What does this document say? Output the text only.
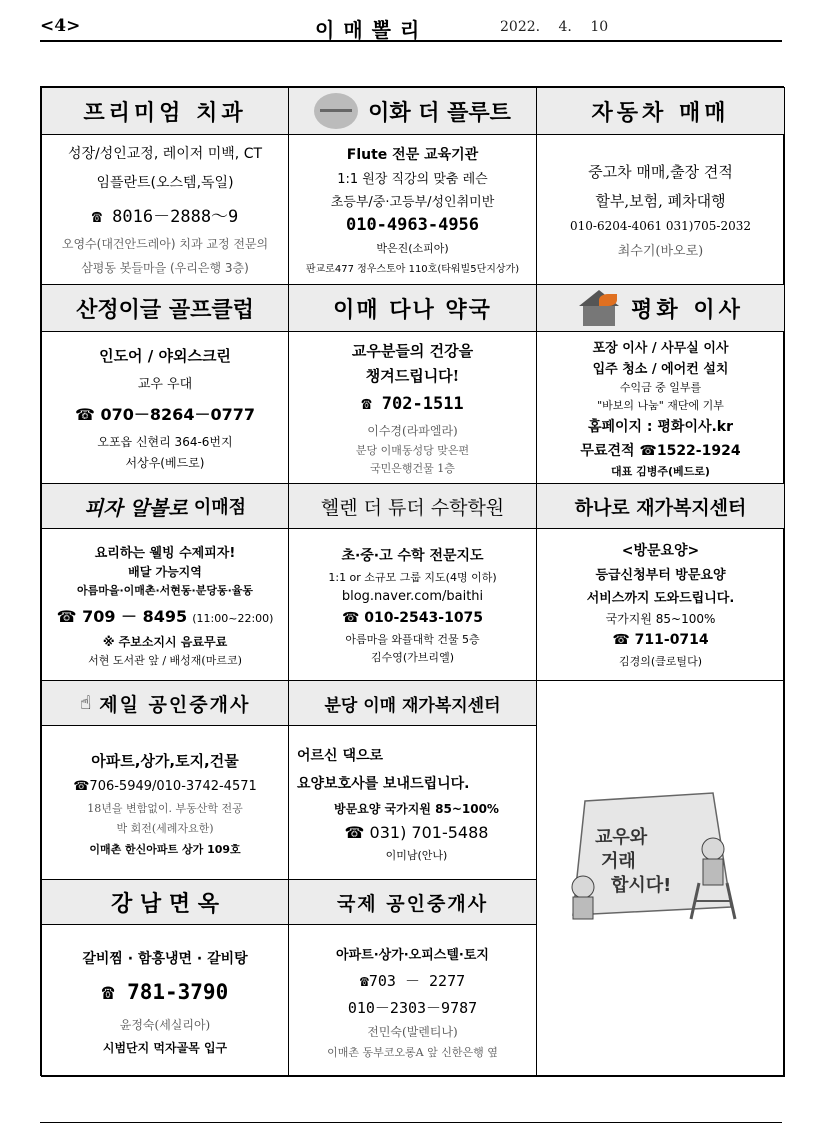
<4>	이매뽈리	2022. 4. 10
프리미엄 치과
성장/성인교정, 레이저 미백, CT
임플란트(오스템,독일)
☎ 8016－2888～9
오영수(대건안드레아) 치과 교정 전문의
삼평동 봇들마을 (우리은행 3층)
이화 더 플루트
Flute 전문 교육기관
1:1 원장 직강의 맞춤 레슨
초등부/중·고등부/성인취미반
010-4963-4956
박은진(소피아)
판교로477 정우스토아 110호(타워빌5단지상가)
자동차 매매
중고차 매매,출장 견적
할부,보험, 폐차대행
010-6204-4061 031)705-2032
최수기(바오로)
산정이글 골프클럽
인도어 / 야외스크린
교우 우대
☎ 070－8264－0777
오포읍 신현리 364-6번지
서상우(베드로)
이매 다나 약국
교우분들의 건강을
챙겨드립니다!
☎ 702-1511
이수경(라파엘라)
분당 이매동성당 맞은편
국민은행건물 1층
평화 이사
포장 이사 / 사무실 이사
입주 청소 / 에어컨 설치
수익금 중 일부를
"바보의 나눔" 재단에 기부
홈페이지 : 평화이사.kr
무료견적 ☎1522-1924
대표 김병주(베드로)
피자 알볼로 이매점
요리하는 웰빙 수제피자!
배달 가능지역
아름마을·이매촌·서현동·분당동·율동
☎ 709 － 8495 (11:00~22:00)
※ 주보소지시 음료무료
서현 도서관 앞 / 배성재(마르코)
헬렌 더 튜더 수학학원
초·중·고 수학 전문지도
1:1 or 소규모 그룹 지도(4명 이하)
blog.naver.com/baithi
☎ 010-2543-1075
아름마을 와플대학 건물 5층
김수영(가브리엘)
하나로 재가복지센터
<방문요양>
등급신청부터 방문요양
서비스까지 도와드립니다.
국가지원 85~100%
☎ 711-0714
김경의(클로틸다)
☝ 제일 공인중개사
아파트,상가,토지,건물
☎706-5949/010-3742-4571
18년을 변함없이. 부동산학 전공
박 회전(세례자요한)
이매촌 한신아파트 상가 109호
분당 이매 재가복지센터
어르신 댁으로
요양보호사를 보내드립니다.
방문요양 국가지원 85~100%
☎ 031) 701-5488
이미남(안나)
교우와
거래
합시다!
강 남 면 옥
갈비찜 · 함흥냉면 · 갈비탕
☎ 781-3790
윤정숙(세실리아)
시범단지 먹자골목 입구
국제 공인중개사
아파트·상가·오피스텔·토지
☎703 － 2277
010－2303－9787
전민숙(발렌티나)
이매촌 동부코오롱A 앞 신한은행 옆
